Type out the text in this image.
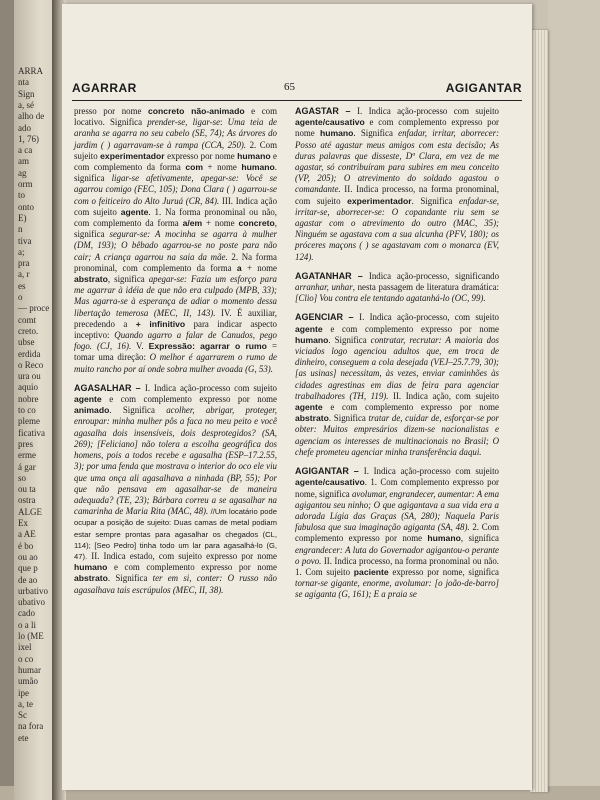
ARRA
nta
Sign
a, sé
alho de
ado
1, 76)
a ca
am
ag
orm
to
onto
E)
n
tiva
a;
pra
a, r
es
o
— proce
comt
creto.
ubse
erdida
o Reco
ura ou
aquio
nobre
to co
pleme
ficativa
pres
erme
á gar
so
ou ta
ostra
ALGE
Ex
a AE
é bo
ou ao
que p
de ao
urbativo
ubativo
cado
o a li
lo (ME
ixel
o co
humar
umão
ipe
a, te
Sc
na fora
ete
AGARRAR	65	AGIGANTAR

presso por nome concreto não-animado e com locativo. Significa prender-se, ligar-se: Uma teia de aranha se agarra no seu cabelo (SE, 74); As árvores do jardim ( ) agarravam-se à rampa (CCA, 250). 2. Com sujeito experimentador expresso por nome humano e com complemento da forma com + nome humano. significa ligar-se afetivamente, apegar-se: Você se agarrou comigo (FEC, 105); Dona Clara ( ) agarrou-se com o feiticeiro do Alto Juruá (CR, 84). III. Indica ação com sujeito agente. 1. Na forma pronominal ou não, com complemento da forma a/em + nome concreto, significa segurar-se: A mocinha se agarra à mulher (DM, 193); O bêbado agarrou-se no poste para não cair; A criança agarrou na saia da mãe. 2. Na forma pronominal, com complemento da forma a + nome abstrato, significa apegar-se: Fazia um esforço para me agarrar à idéia de que não era culpado (MPB, 33); Mas agarra-se à esperança de adiar o momento dessa libertação temerosa (MEC, II, 143). IV. É auxiliar, precedendo a + infinitivo para indicar aspecto inceptivo: Quando agarro a falar de Canudos, pego fogo. (CJ, 16). V. Expressão: agarrar o rumo = tomar uma direção: O melhor é agarrarem o rumo de muito rancho por aí onde sobra mulher avoada (G, 53).

AGASALHAR – I. Indica ação-processo com sujeito agente e com complemento expresso por nome animado. Significa acolher, abrigar, proteger, enroupar: minha mulher pôs a faca no meu peito e você agasalha dois insensíveis, dois desprotegidos? (SA, 269); [Feliciano] não tolera a escolha geográfica dos homens, pois a todos recebe e agasalha (ESP–17.2.55, 3); por uma fenda que mostrava o interior do oco ele viu que uma onça ali agasalhava a ninhada (BP, 55); Por que não pensava em agasalhar-se de maneira adequada? (TE, 23); Bárbara correu a se agasalhar na camarinha de Maria Rita (MAC, 48). //Um locatário pode ocupar a posição de sujeito: Duas camas de metal podiam estar sempre prontas para agasalhar os chegados (CL, 114); [Seo Pedro] tinha todo um lar para agasalhá-lo (G, 47). II. Indica estado, com sujeito expresso por nome humano e com complemento expresso por nome abstrato. Significa ter em si, conter: O russo não agasalhava tais escrúpulos (MEC, II, 38).

AGASTAR – I. Indica ação-processo com sujeito agente/causativo e com complemento expresso por nome humano. Significa enfadar, irritar, aborrecer: Posso até agastar meus amigos com esta decisão; As duras palavras que disseste, Dª Clara, em vez de me agastar, só contribuíram para subires em meu conceito (VP, 205); O atrevimento do soldado agastou o comandante. II. Indica processo, na forma pronominal, com sujeito experimentador. Significa enfadar-se, irritar-se, aborrecer-se: O copandante riu sem se agastar com o atrevimento do outro (MAC, 35); Ninguém se agastava com a sua alcunha (PFV, 180); os próceres maçons ( ) se agastavam com o monarca (EV, 124).

AGATANHAR – Indica ação-processo, significando arranhar, unhar, nesta passagem de literatura dramática: [Clio] Vou contra ele tentando agatanhá-lo (OC, 99).

AGENCIAR – I. Indica ação-processo, com sujeito agente e com complemento expresso por nome humano. Significa contratar, recrutar: A maioria dos viciados logo agenciou adultos que, em troca de dinheiro, conseguem a cola desejada (VEJ–25.7.79, 30); [as usinas] necessitam, às vezes, enviar caminhões às cidades agrestinas em dias de feira para agenciar trabalhadores (TH, 119). II. Indica ação, com sujeito agente e com complemento expresso por nome abstrato. Significa tratar de, cuidar de, esforçar-se por obter: Muitos empresários dizem-se nacionalistas e agenciam os interesses de multinacionais no Brasil; O chefe prometeu agenciar minha transferência daqui.

AGIGANTAR – I. Indica ação-processo com sujeito agente/causativo. 1. Com complemento expresso por nome, significa avolumar, engrandecer, aumentar: A ema agigantou seu ninho; O que agigantava a sua vida era a adorada Lígia das Graças (SA, 280); Naquela Paris fabulosa que sua imaginação agiganta (SA, 48). 2. Com complemento expresso por nome humano, significa engrandecer: A luta do Governador agigantou-o perante o povo. II. Indica processo, na forma pronominal ou não. 1. Com sujeito paciente expresso por nome, significa tornar-se gigante, enorme, avolumar: [o joão-de-barro] se agiganta (G, 161); E a praia se
